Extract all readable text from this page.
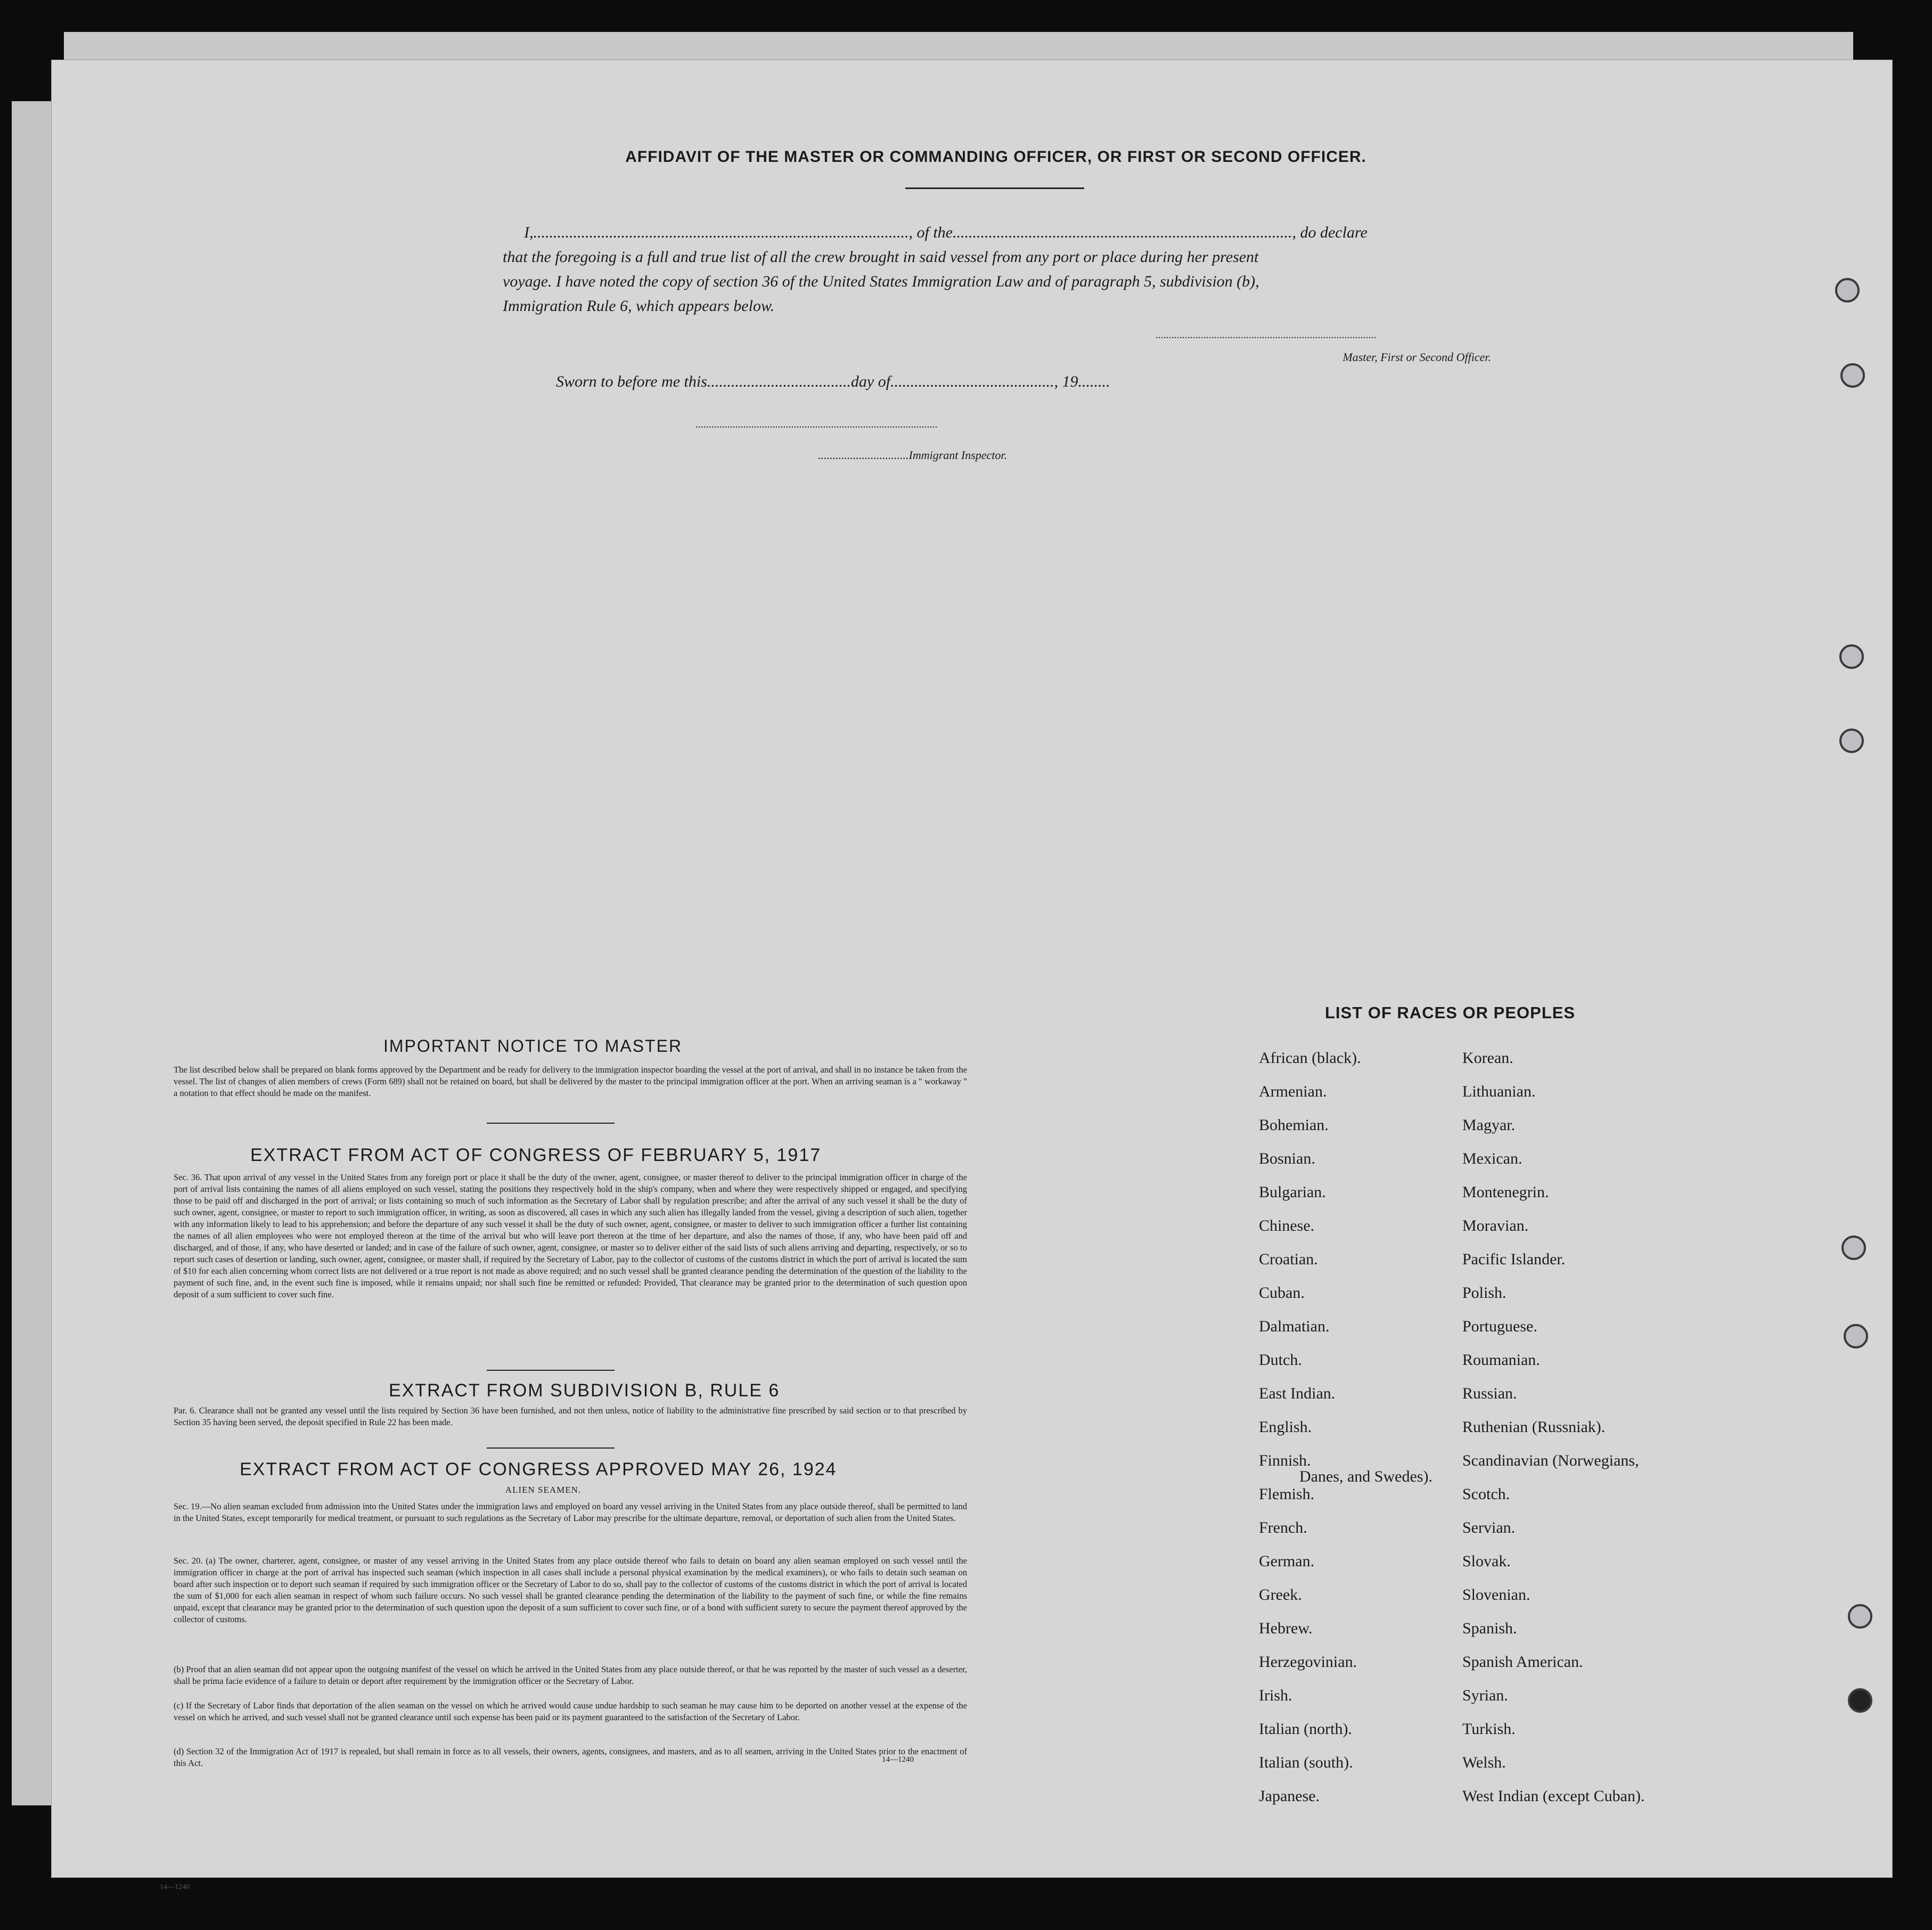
AFFIDAVIT OF THE MASTER OR COMMANDING OFFICER, OR FIRST OR SECOND OFFICER.
I,.............................................................................................., of the....................................................................................., do declare
that the foregoing is a full and true list of all the crew brought in said vessel from any port or place during her present
voyage. I have noted the copy of section 36 of the United States Immigration Law and of paragraph 5, subdivision (b),
Immigration Rule 6, which appears below.
...................................................................................
Master, First or Second Officer.
Sworn to before me this....................................day of........................................., 19........
...........................................................................................
...............................Immigrant Inspector.
IMPORTANT NOTICE TO MASTER
The list described below shall be prepared on blank forms approved by the Department and be ready for delivery to the immigration inspector boarding the vessel at the port of arrival, and shall in no instance be taken from the vessel. The list of changes of alien members of crews (Form 689) shall not be retained on board, but shall be delivered by the master to the principal immigration officer at the port. When an arriving seaman is a " workaway " a notation to that effect should be made on the manifest.
EXTRACT FROM ACT OF CONGRESS OF FEBRUARY 5, 1917
Sec. 36. That upon arrival of any vessel in the United States from any foreign port or place it shall be the duty of the owner, agent, consignee, or master thereof to deliver to the principal immigration officer in charge of the port of arrival lists containing the names of all aliens employed on such vessel, stating the positions they respectively hold in the ship's company, when and where they were respectively shipped or engaged, and specifying those to be paid off and discharged in the port of arrival; or lists containing so much of such information as the Secretary of Labor shall by regulation prescribe; and after the arrival of any such vessel it shall be the duty of such owner, agent, consignee, or master to report to such immigration officer, in writing, as soon as discovered, all cases in which any such alien has illegally landed from the vessel, giving a description of such alien, together with any information likely to lead to his apprehension; and before the departure of any such vessel it shall be the duty of such owner, agent, consignee, or master to deliver to such immigration officer a further list containing the names of all alien employees who were not employed thereon at the time of the arrival but who will leave port thereon at the time of her departure, and also the names of those, if any, who have been paid off and discharged, and of those, if any, who have deserted or landed; and in case of the failure of such owner, agent, consignee, or master so to deliver either of the said lists of such aliens arriving and departing, respectively, or so to report such cases of desertion or landing, such owner, agent, consignee, or master shall, if required by the Secretary of Labor, pay to the collector of customs of the customs district in which the port of arrival is located the sum of $10 for each alien concerning whom correct lists are not delivered or a true report is not made as above required; and no such vessel shall be granted clearance pending the determination of the question of the liability to the payment of such fine, and, in the event such fine is imposed, while it remains unpaid; nor shall such fine be remitted or refunded: Provided, That clearance may be granted prior to the determination of such question upon deposit of a sum sufficient to cover such fine.
EXTRACT FROM SUBDIVISION B, RULE 6
Par. 6. Clearance shall not be granted any vessel until the lists required by Section 36 have been furnished, and not then unless, notice of liability to the administrative fine prescribed by said section or to that prescribed by Section 35 having been served, the deposit specified in Rule 22 has been made.
EXTRACT FROM ACT OF CONGRESS APPROVED MAY 26, 1924
ALIEN SEAMEN.
Sec. 19.—No alien seaman excluded from admission into the United States under the immigration laws and employed on board any vessel arriving in the United States from any place outside thereof, shall be permitted to land in the United States, except temporarily for medical treatment, or pursuant to such regulations as the Secretary of Labor may prescribe for the ultimate departure, removal, or deportation of such alien from the United States.
Sec. 20. (a) The owner, charterer, agent, consignee, or master of any vessel arriving in the United States from any place outside thereof who fails to detain on board any alien seaman employed on such vessel until the immigration officer in charge at the port of arrival has inspected such seaman (which inspection in all cases shall include a personal physical examination by the medical examiners), or who fails to detain such seaman on board after such inspection or to deport such seaman if required by such immigration officer or the Secretary of Labor to do so, shall pay to the collector of customs of the customs district in which the port of arrival is located the sum of $1,000 for each alien seaman in respect of whom such failure occurs. No such vessel shall be granted clearance pending the determination of the liability to the payment of such fine, or while the fine remains unpaid, except that clearance may be granted prior to the determination of such question upon the deposit of a sum sufficient to cover such fine, or of a bond with sufficient surety to secure the payment thereof approved by the collector of customs.
(b) Proof that an alien seaman did not appear upon the outgoing manifest of the vessel on which he arrived in the United States from any place outside thereof, or that he was reported by the master of such vessel as a deserter, shall be prima facie evidence of a failure to detain or deport after requirement by the immigration officer or the Secretary of Labor.
(c) If the Secretary of Labor finds that deportation of the alien seaman on the vessel on which he arrived would cause undue hardship to such seaman he may cause him to be deported on another vessel at the expense of the vessel on which he arrived, and such vessel shall not be granted clearance until such expense has been paid or its payment guaranteed to the satisfaction of the Secretary of Labor.
(d) Section 32 of the Immigration Act of 1917 is repealed, but shall remain in force as to all vessels, their owners, agents, consignees, and masters, and as to all seamen, arriving in the United States prior to the enactment of this Act.	14—1240
LIST OF RACES OR PEOPLES
African (black).
Armenian.
Bohemian.
Bosnian.
Bulgarian.
Chinese.
Croatian.
Cuban.
Dalmatian.
Dutch.
East Indian.
English.
Finnish.
Flemish.
French.
German.
Greek.
Hebrew.
Herzegovinian.
Irish.
Italian (north).
Italian (south).
Japanese.
Korean.
Lithuanian.
Magyar.
Mexican.
Montenegrin.
Moravian.
Pacific Islander.
Polish.
Portuguese.
Roumanian.
Russian.
Ruthenian (Russniak).
Scandinavian (Norwegians,
Danes, and Swedes).
Scotch.
Servian.
Slovak.
Slovenian.
Spanish.
Spanish American.
Syrian.
Turkish.
Welsh.
West Indian (except Cuban).
14—1240
